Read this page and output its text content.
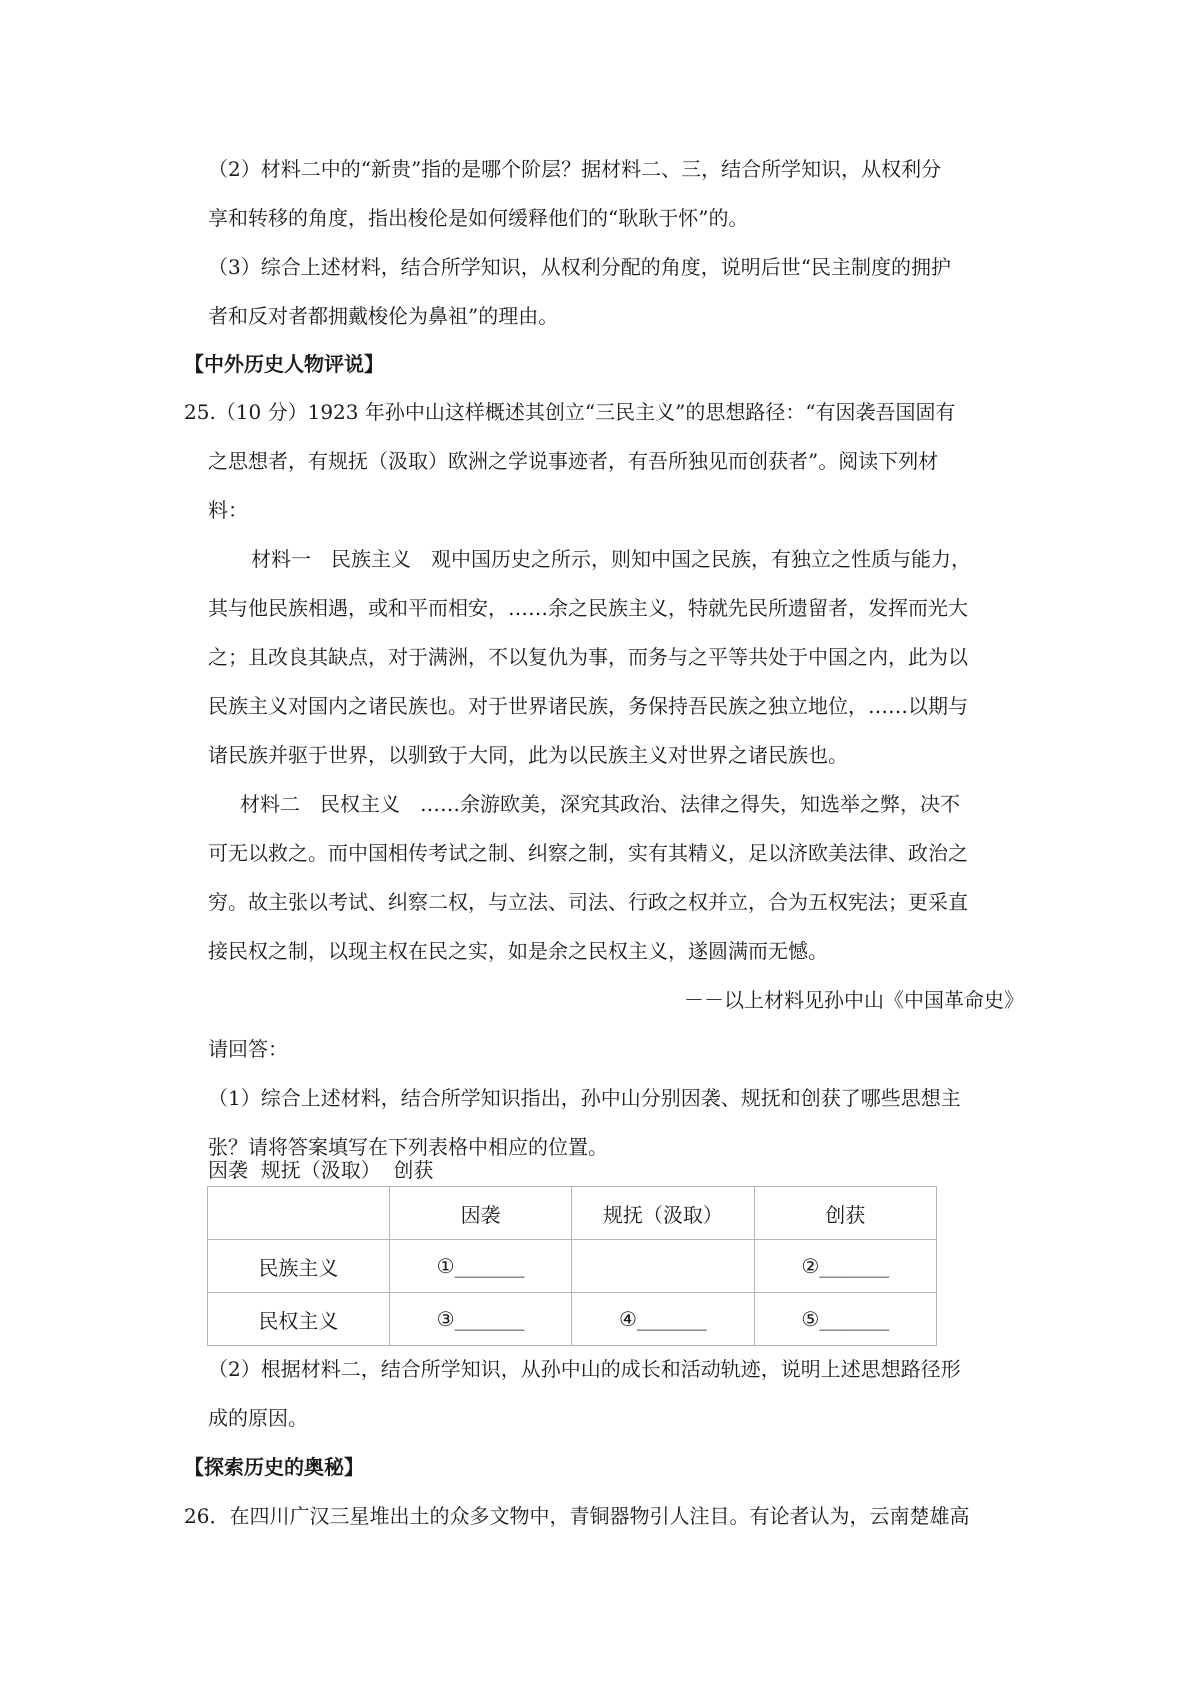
（2）材料二中的“新贵”指的是哪个阶层？据材料二、三，结合所学知识，从权利分
享和转移的角度，指出梭伦是如何缓释他们的“耿耿于怀”的。
（3）综合上述材料，结合所学知识，从权利分配的角度，说明后世“民主制度的拥护
者和反对者都拥戴梭伦为鼻祖”的理由。
【中外历史人物评说】
25.（10 分）1923 年孙中山这样概述其创立“三民主义”的思想路径：“有因袭吾国固有
之思想者，有规抚（汲取）欧洲之学说事迹者，有吾所独见而创获者”。阅读下列材
料：
材料一　民族主义　观中国历史之所示，则知中国之民族，有独立之性质与能力，
其与他民族相遇，或和平而相安，……余之民族主义，特就先民所遗留者，发挥而光大
之；且改良其缺点，对于满洲，不以复仇为事，而务与之平等共处于中国之内，此为以
民族主义对国内之诸民族也。对于世界诸民族，务保持吾民族之独立地位，……以期与
诸民族并驱于世界，以驯致于大同，此为以民族主义对世界之诸民族也。
材料二　民权主义　……余游欧美，深究其政治、法律之得失，知选举之弊，决不
可无以救之。而中国相传考试之制、纠察之制，实有其精义，足以济欧美法律、政治之
穷。故主张以考试、纠察二权，与立法、司法、行政之权并立，合为五权宪法；更采直
接民权之制，以现主权在民之实，如是余之民权主义，遂圆满而无憾。
－－以上材料见孙中山《中国革命史》
请回答：
（1）综合上述材料，结合所学知识指出，孙中山分别因袭、规抚和创获了哪些思想主
张？请将答案填写在下列表格中相应的位置。
因袭  规抚（汲取）  创获
	因袭	规抚（汲取）	创获
民族主义	①_______		②_______
民权主义	③_______	④_______	⑤_______
（2）根据材料二，结合所学知识，从孙中山的成长和活动轨迹，说明上述思想路径形
成的原因。
【探索历史的奥秘】
26．在四川广汉三星堆出土的众多文物中，青铜器物引人注目。有论者认为，云南楚雄高
